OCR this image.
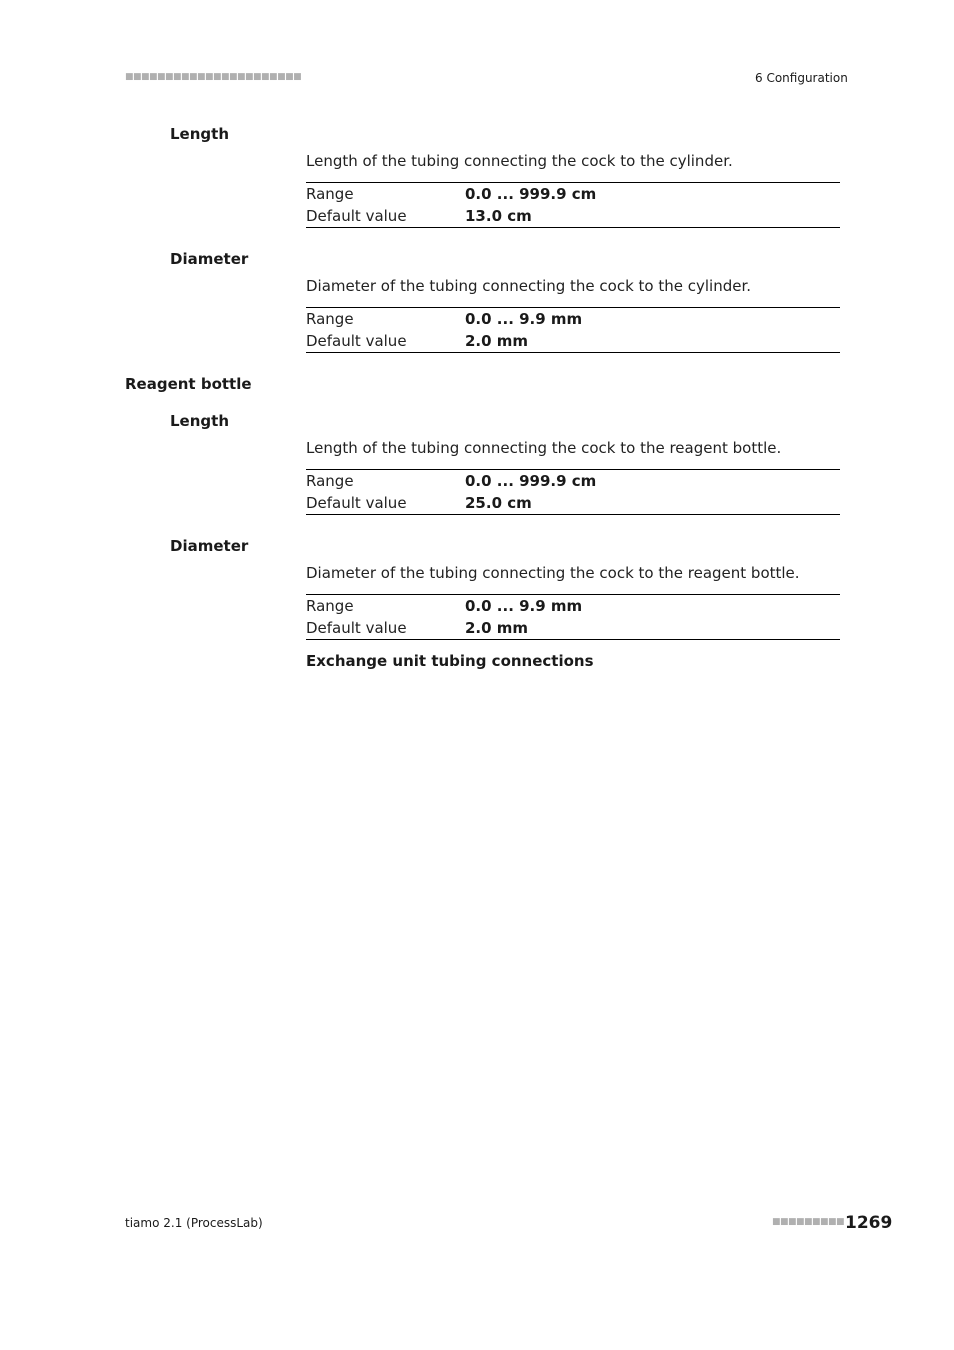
■■■■■■■■■■■■■■■■■■■■■■	6 Configuration
Length
Length of the tubing connecting the cock to the cylinder.
Range	0.0 ... 999.9 cm
Default value	13.0 cm
Diameter
Diameter of the tubing connecting the cock to the cylinder.
Range	0.0 ... 9.9 mm
Default value	2.0 mm
Reagent bottle
Length
Length of the tubing connecting the cock to the reagent bottle.
Range	0.0 ... 999.9 cm
Default value	25.0 cm
Diameter
Diameter of the tubing connecting the cock to the reagent bottle.
Range	0.0 ... 9.9 mm
Default value	2.0 mm
Exchange unit tubing connections
tiamo 2.1 (ProcessLab)	■■■■■■■■■ 1269
